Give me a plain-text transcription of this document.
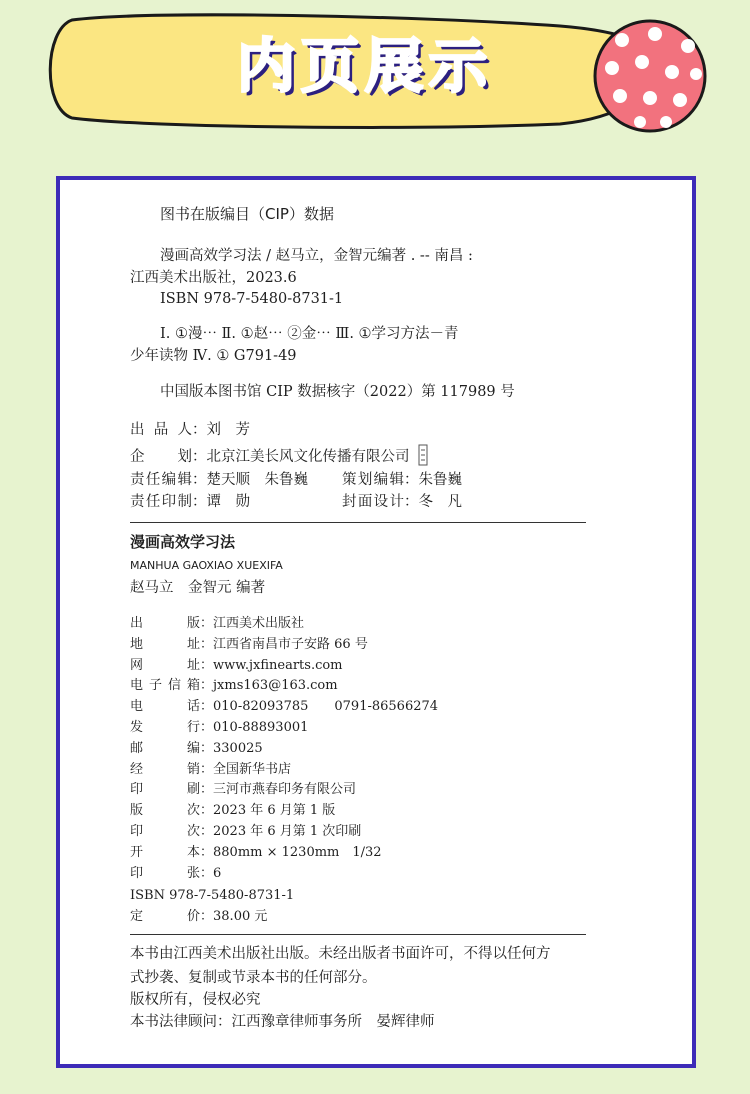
内页展示
图书在版编目（CIP）数据
漫画高效学习法 / 赵马立，金智元编著 . -- 南昌 :
江西美术出版社，2023.6
ISBN 978-7-5480-8731-1
Ⅰ. ①漫⋯ Ⅱ. ①赵⋯ ②金⋯ Ⅲ. ①学习方法－青
少年读物 Ⅳ. ① G791-49
中国版本图书馆 CIP 数据核字（2022）第 117989 号
出品人：刘　芳
企　　划：北京江美长风文化传播有限公司
责任编辑：楚天顺　朱鲁巍 策划编辑：朱鲁巍
责任印制：谭　勋	封面设计：冬　凡
漫画高效学习法
MANHUA GAOXIAO XUEXIFA
赵马立　金智元 编著
出版：江西美术出版社
地址：江西省南昌市子安路 66 号
网址：www.jxfinearts.com
电子信箱：jxms163@163.com
电话：010-82093785　　0791-86566274
发行：010-88893001
邮编：330025
经销：全国新华书店
印刷：三河市燕春印务有限公司
版次：2023 年 6 月第 1 版
印次：2023 年 6 月第 1 次印刷
开本：880mm × 1230mm　1/32
印张：6
ISBN 978-7-5480-8731-1
定价：38.00 元
本书由江西美术出版社出版。未经出版者书面许可，不得以任何方
式抄袭、复制或节录本书的任何部分。
版权所有，侵权必究
本书法律顾问：江西豫章律师事务所　晏辉律师
